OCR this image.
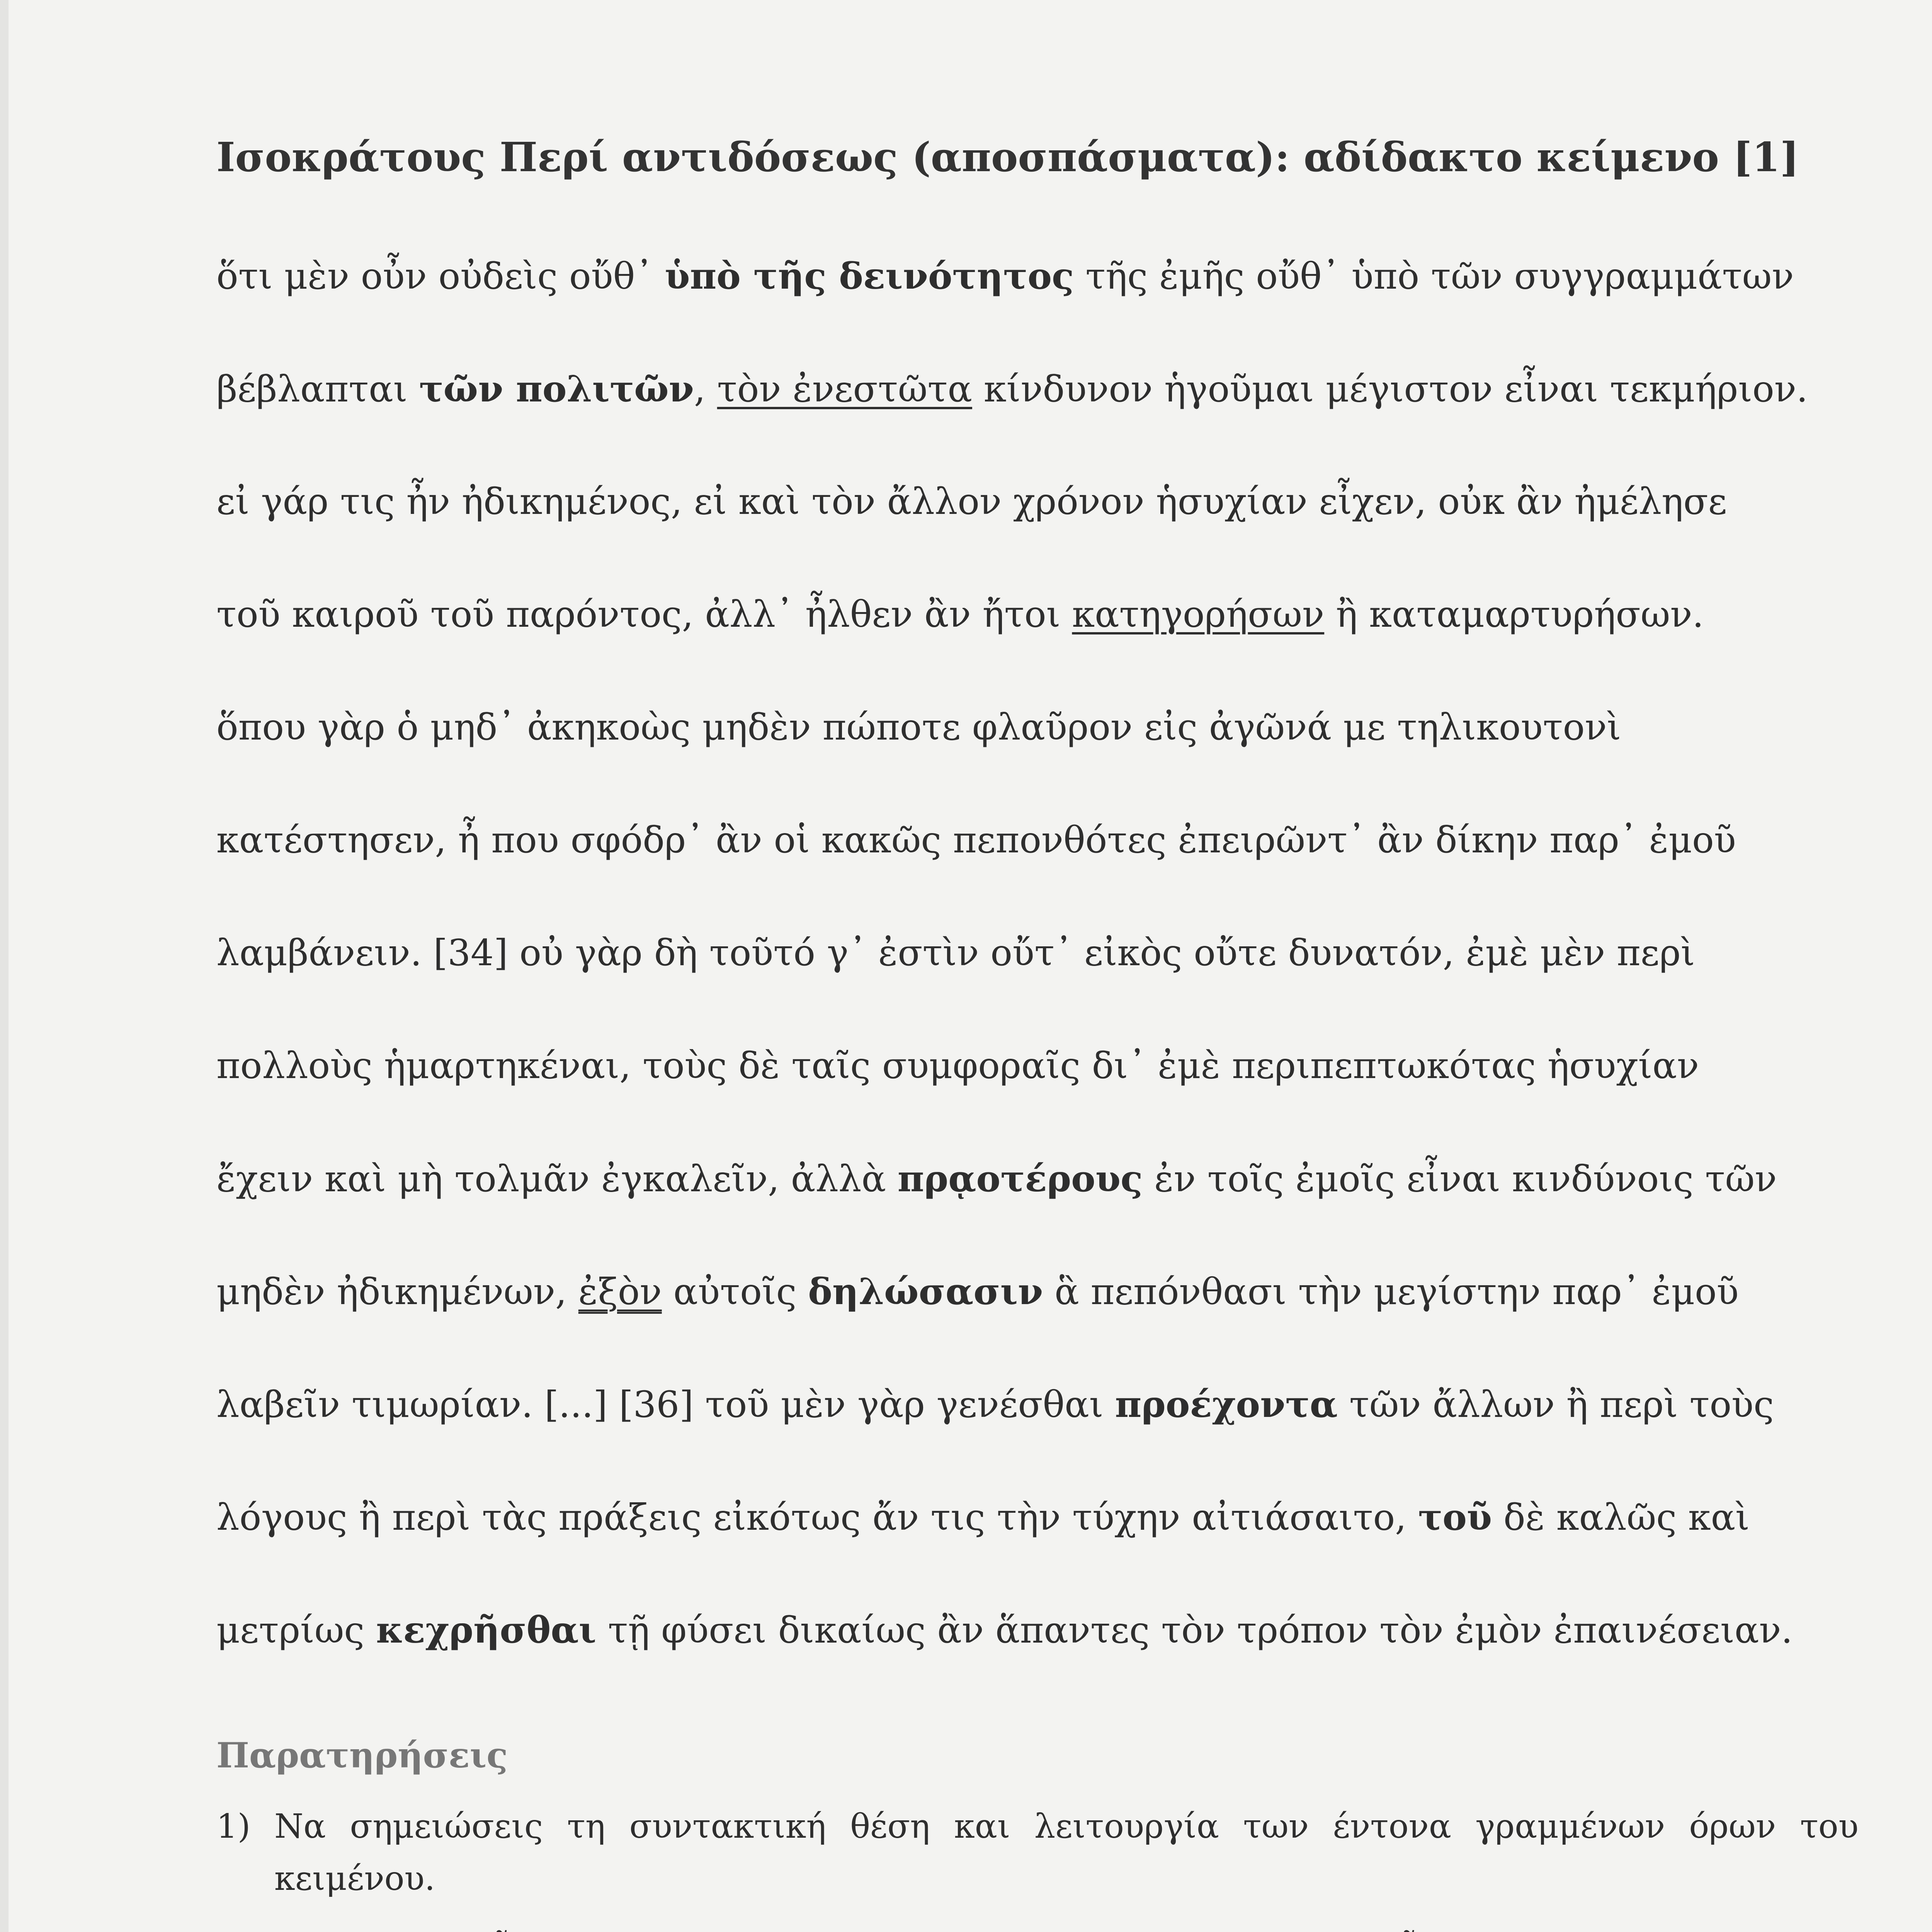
Ισοκράτους Περί αντιδόσεως (αποσπάσματα): αδίδακτο κείμενο [1]
ὅτι μὲν οὖν οὐδεὶς οὔθ᾽ ὑπὸ τῆς δεινότητος τῆς ἐμῆς οὔθ᾽ ὑπὸ τῶν συγγραμμάτων
βέβλαπται τῶν πολιτῶν, τὸν ἐνεστῶτα κίνδυνον ἡγοῦμαι μέγιστον εἶναι τεκμήριον.
εἰ γάρ τις ἦν ἠδικημένος, εἰ καὶ τὸν ἄλλον χρόνον ἡσυχίαν εἶχεν, οὐκ ἂν ἠμέλησε
τοῦ καιροῦ τοῦ παρόντος, ἀλλ᾽ ἦλθεν ἂν ἤτοι κατηγορήσων ἢ καταμαρτυρήσων.
ὅπου γὰρ ὁ μηδ᾽ ἀκηκοὼς μηδὲν πώποτε φλαῦρον εἰς ἀγῶνά με τηλικουτονὶ
κατέστησεν, ἦ που σφόδρ᾽ ἂν οἱ κακῶς πεπονθότες ἐπειρῶντ᾽ ἂν δίκην παρ᾽ ἐμοῦ
λαμβάνειν. [34] οὐ γὰρ δὴ τοῦτό γ᾽ ἐστὶν οὔτ᾽ εἰκὸς οὔτε δυνατόν, ἐμὲ μὲν περὶ
πολλοὺς ἡμαρτηκέναι, τοὺς δὲ ταῖς συμφοραῖς δι᾽ ἐμὲ περιπεπτωκότας ἡσυχίαν
ἔχειν καὶ μὴ τολμᾶν ἐγκαλεῖν, ἀλλὰ πρᾳοτέρους ἐν τοῖς ἐμοῖς εἶναι κινδύνοις τῶν
μηδὲν ἠδικημένων, ἐξὸν αὐτοῖς δηλώσασιν ἃ πεπόνθασι τὴν μεγίστην παρ᾽ ἐμοῦ
λαβεῖν τιμωρίαν. [...] [36] τοῦ μὲν γὰρ γενέσθαι προέχοντα τῶν ἄλλων ἢ περὶ τοὺς
λόγους ἢ περὶ τὰς πράξεις εἰκότως ἄν τις τὴν τύχην αἰτιάσαιτο, τοῦ δὲ καλῶς καὶ
μετρίως κεχρῆσθαι τῇ φύσει δικαίως ἂν ἅπαντες τὸν τρόπον τὸν ἐμὸν ἐπαινέσειαν.
Παρατηρήσεις
1) Να σημειώσεις τη συντακτική θέση και λειτουργία των έντονα γραμμένων όρων του κειμένου.
